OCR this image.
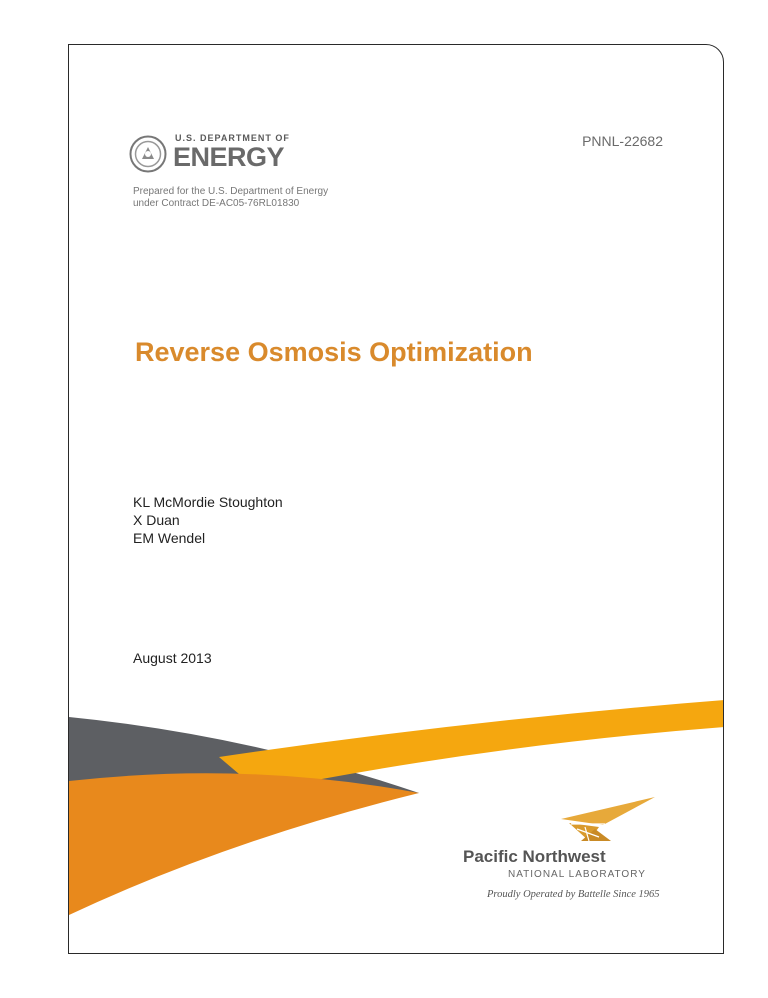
U.S. DEPARTMENT OF
ENERGY
PNNL-22682
Prepared for the U.S. Department of Energy
under Contract DE-AC05-76RL01830
Reverse Osmosis Optimization
KL McMordie Stoughton
X Duan
EM Wendel
August 2013
Pacific Northwest
NATIONAL LABORATORY
Proudly Operated by Battelle Since 1965
